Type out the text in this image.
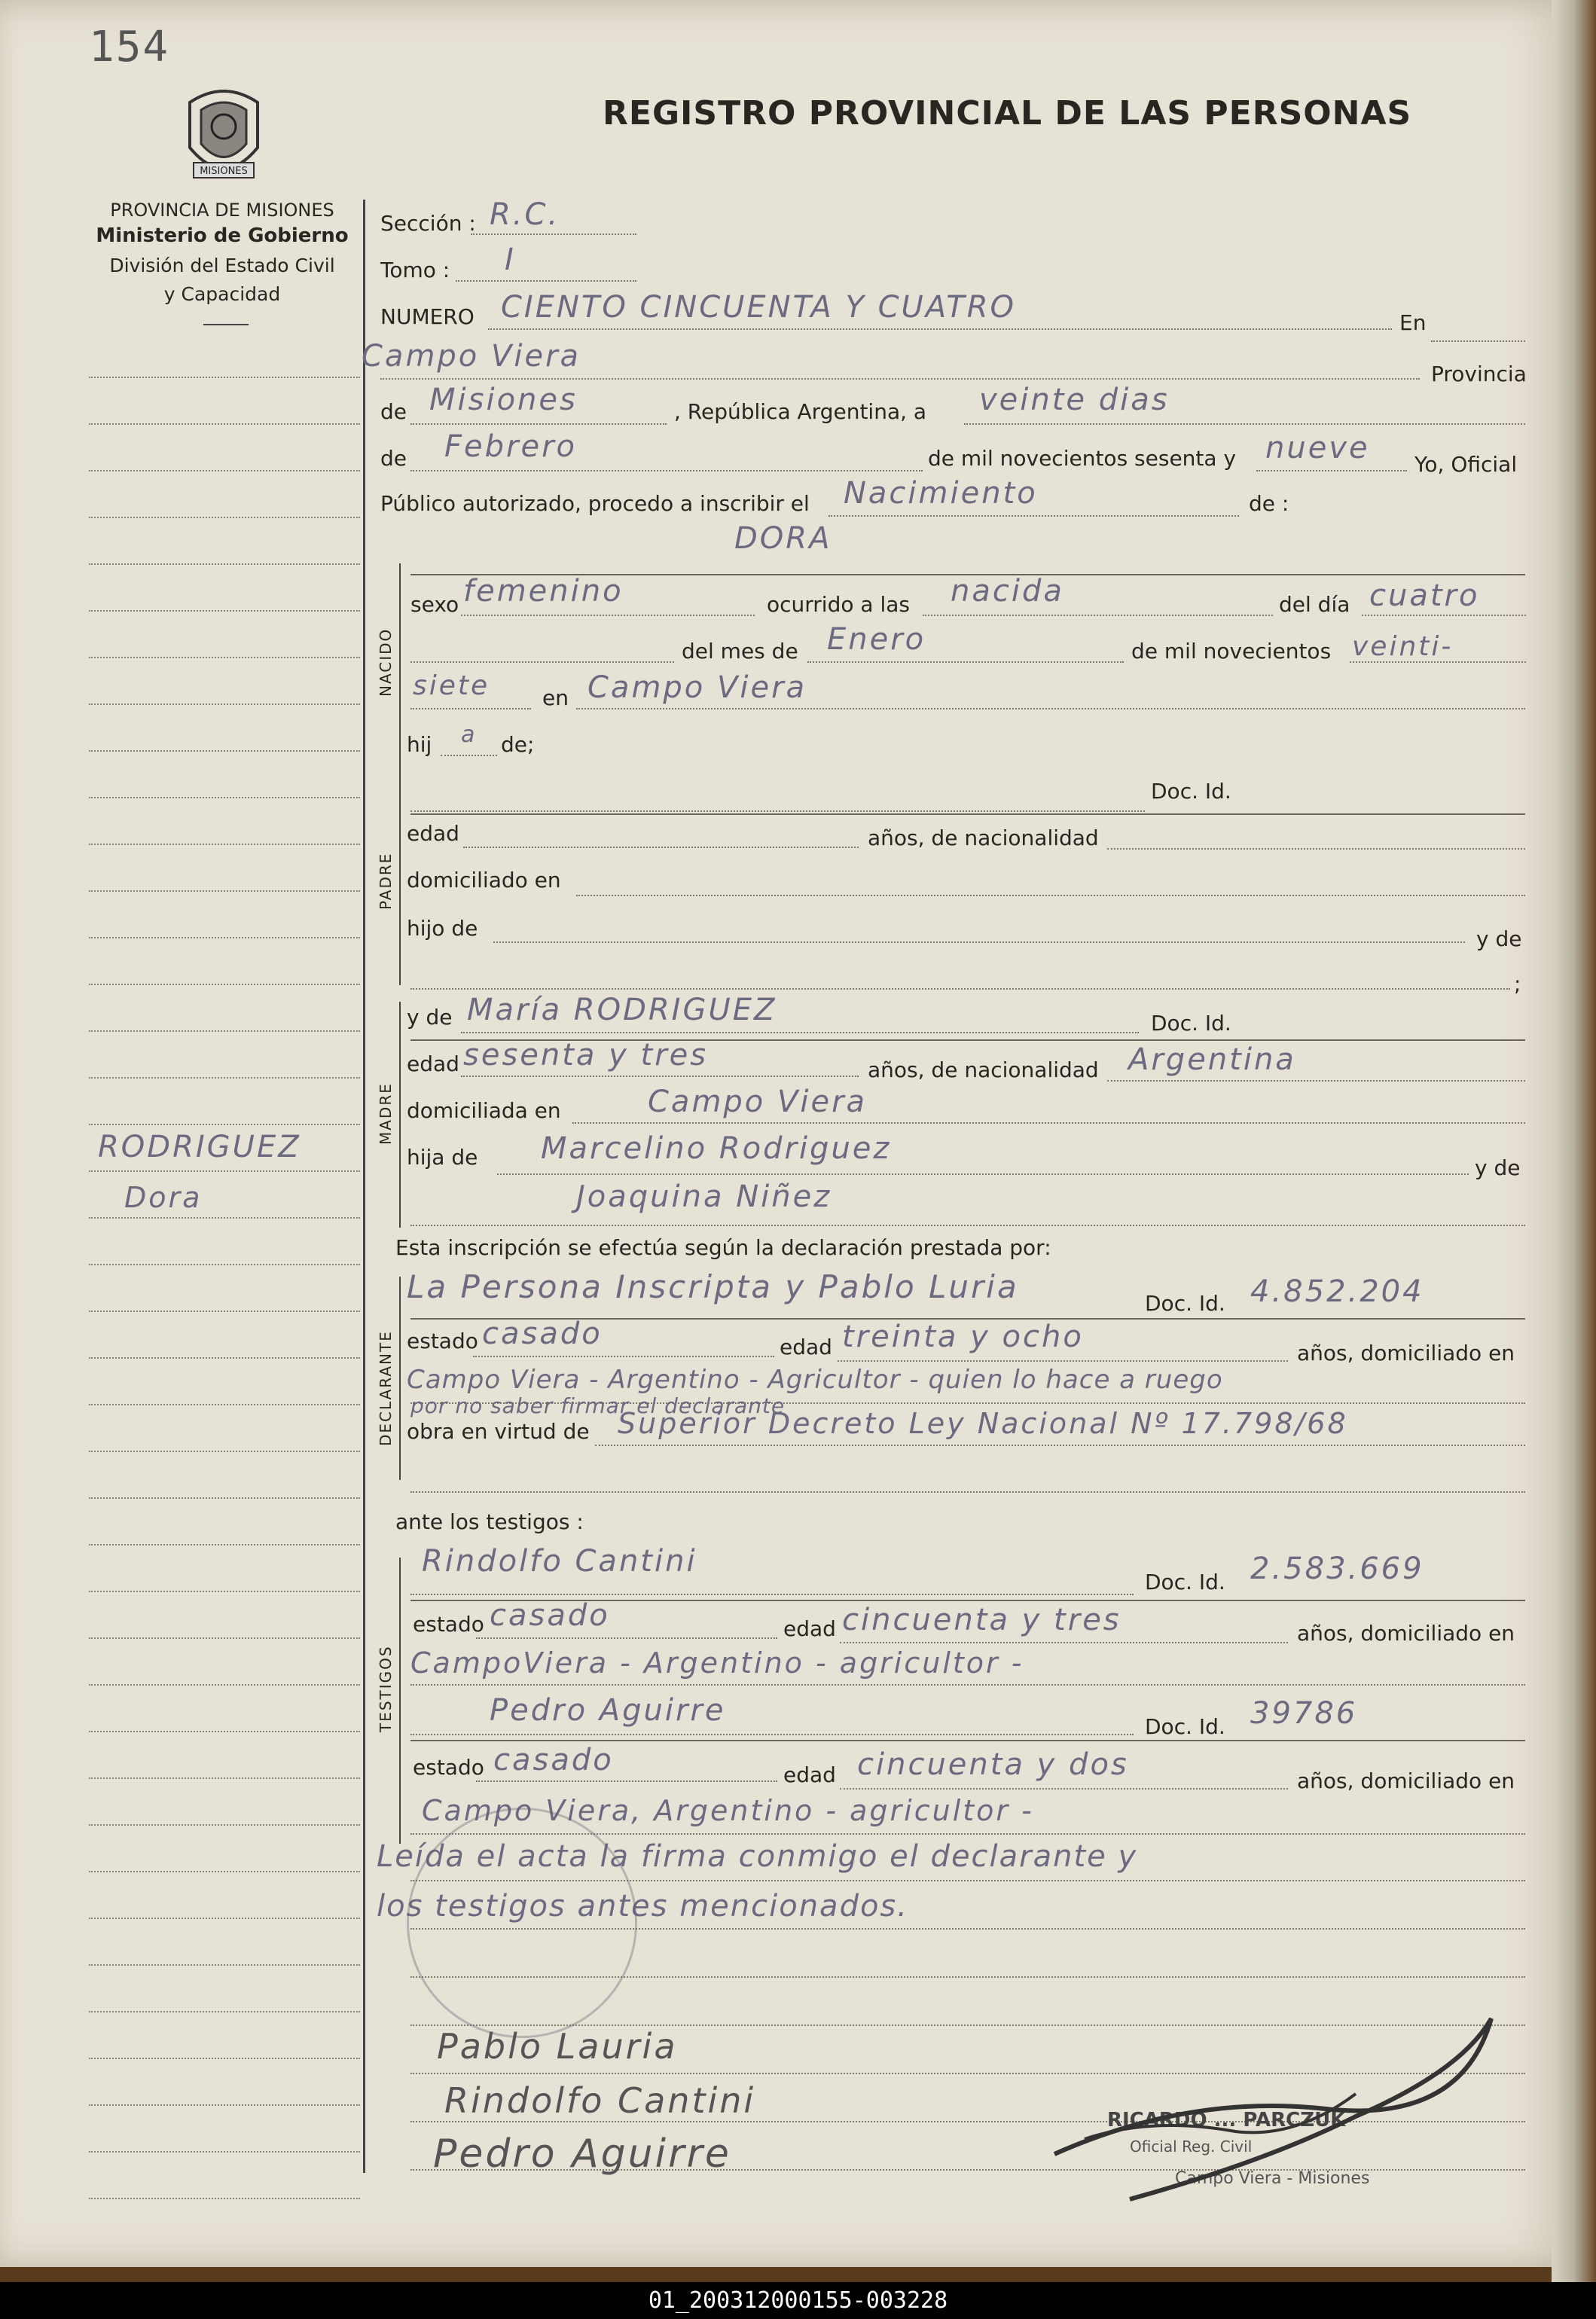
154
MISIONES
REGISTRO PROVINCIAL DE LAS PERSONAS
PROVINCIA DE MISIONES
Ministerio de Gobierno
División del Estado Civil
y Capacidad
RODRIGUEZ
Dora
Sección : R.C.
Tomo : I
NUMERO CIENTO CINCUENTA Y CUATRO	En
Campo Viera
Provincia
de Misiones	, República Argentina, a veinte dias
de Febrero	de mil novecientos sesenta y nueve Yo, Oficial
Público autorizado, procedo a inscribir el Nacimiento	de :
DORA
NACIDO
sexo femenino	ocurrido a las nacida	del día cuatro
del mes de Enero	de mil novecientos veinti-
siete en Campo Viera
hij a de;
PADRE
Doc. Id.
edad	años, de nacionalidad
domiciliado en
hijo de	y de
;
MADRE
y de María RODRIGUEZ	Doc. Id.
edad sesenta y tres	años, de nacionalidad Argentina
domiciliada en	Campo Viera
hija de Marcelino Rodriguez
y de
Joaquina Niñez
Esta inscripción se efectúa según la declaración prestada por:
DECLARANTE
La Persona Inscripta y Pablo Luria	Doc. Id. 4.852.204
estado casado	edad treinta y ocho	años, domiciliado en
Campo Viera - Argentino - Agricultor - quien lo hace a ruego
por no saber firmar el declarante
obra en virtud de Superior Decreto Ley Nacional Nº 17.798/68
ante los testigos :
TESTIGOS
Rindolfo Cantini
Doc. Id. 2.583.669
estado casado	edad cincuenta y tres	años, domiciliado en
CampoViera - Argentino - agricultor -
Pedro Aguirre	Doc. Id. 39786
estado casado	edad cincuenta y dos	años, domiciliado en
Campo Viera, Argentino - agricultor -
Leída el acta la firma conmigo el declarante y
los testigos antes mencionados.
Pablo Lauria
Rindolfo Cantini
Pedro Aguirre
RICARDO ... PARCZUK
Oficial Reg. Civil
Campo Viera - Misiones
01_200312000155-003228
